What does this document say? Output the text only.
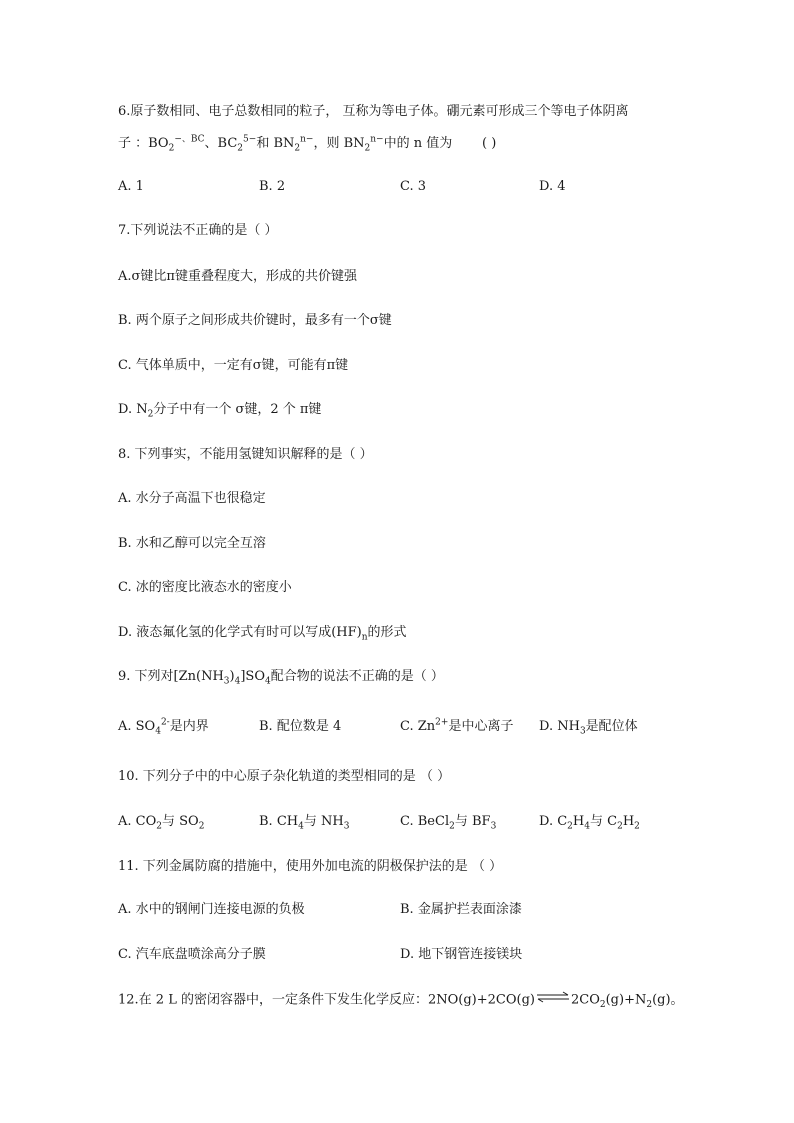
6.原子数相同、电子总数相同的粒子， 互称为等电子体。硼元素可形成三个等电子体阴离
子 ：$BO_2^{-、BC}$、$BC_2^{5-}$和 $BN_2^{n-}$，则 $BN_2^{n-}$中的 n 值为 ( )
A. 1	B. 2	C. 3	D. 4
7.下列说法不正确的是（ ）
A.σ键比π键重叠程度大，形成的共价键强
B. 两个原子之间形成共价键时，最多有一个σ键
C. 气体单质中，一定有σ键，可能有π键
D. $N_2$分子中有一个 σ键，2 个 π键
8. 下列事实，不能用氢键知识解释的是（ ）
A. 水分子高温下也很稳定
B. 水和乙醇可以完全互溶
C. 冰的密度比液态水的密度小
D. 液态氟化氢的化学式有时可以写成$(HF)_n$的形式
9. 下列对$[Zn(NH_3)_4]SO_4$配合物的说法不正确的是（ ）
A. $SO_4^{2-}$是内界	B. 配位数是 4	C. $Zn^{2+}$是中心离子 D. $NH_3$是配位体
10. 下列分子中的中心原子杂化轨道的类型相同的是 （ ）
A. $CO_2$与 $SO_2$	B. $CH_4$与 $NH_3$	C. BeCl$_2$与 $BF_3$	D. $C_2H_4$与 $C_2H_2$
11. 下列金属防腐的措施中，使用外加电流的阴极保护法的是 （ ）
A. 水中的钢闸门连接电源的负极	B. 金属护拦表面涂漆
C. 汽车底盘喷涂高分子膜	D. 地下钢管连接镁块
12.在 2 L 的密闭容器中，一定条件下发生化学反应：$2NO(g)+2CO(g)\rightleftharpoons 2CO_2(g)+N_2(g)$。
